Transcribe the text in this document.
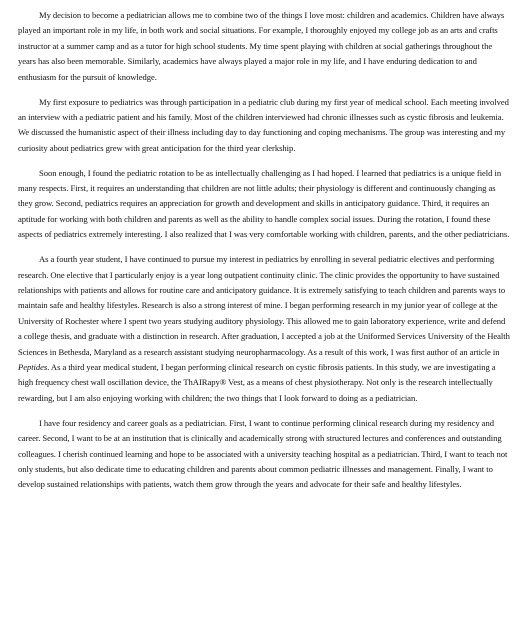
My decision to become a pediatrician allows me to combine two of the things I love most: children and academics. Children have always played an important role in my life, in both work and social situations. For example, I thoroughly enjoyed my college job as an arts and crafts instructor at a summer camp and as a tutor for high school students. My time spent playing with children at social gatherings throughout the years has also been memorable. Similarly, academics have always played a major role in my life, and I have enduring dedication to and enthusiasm for the pursuit of knowledge.

My first exposure to pediatrics was through participation in a pediatric club during my first year of medical school. Each meeting involved an interview with a pediatric patient and his family. Most of the children interviewed had chronic illnesses such as cystic fibrosis and leukemia. We discussed the humanistic aspect of their illness including day to day functioning and coping mechanisms. The group was interesting and my curiosity about pediatrics grew with great anticipation for the third year clerkship.

Soon enough, I found the pediatric rotation to be as intellectually challenging as I had hoped. I learned that pediatrics is a unique field in many respects. First, it requires an understanding that children are not little adults; their physiology is different and continuously changing as they grow. Second, pediatrics requires an appreciation for growth and development and skills in anticipatory guidance. Third, it requires an aptitude for working with both children and parents as well as the ability to handle complex social issues. During the rotation, I found these aspects of pediatrics extremely interesting. I also realized that I was very comfortable working with children, parents, and the other pediatricians.

As a fourth year student, I have continued to pursue my interest in pediatrics by enrolling in several pediatric electives and performing research. One elective that I particularly enjoy is a year long outpatient continuity clinic. The clinic provides the opportunity to have sustained relationships with patients and allows for routine care and anticipatory guidance. It is extremely satisfying to teach children and parents ways to maintain safe and healthy lifestyles. Research is also a strong interest of mine. I began performing research in my junior year of college at the University of Rochester where I spent two years studying auditory physiology. This allowed me to gain laboratory experience, write and defend a college thesis, and graduate with a distinction in research. After graduation, I accepted a job at the Uniformed Services University of the Health Sciences in Bethesda, Maryland as a research assistant studying neuropharmacology. As a result of this work, I was first author of an article in Peptides. As a third year medical student, I began performing clinical research on cystic fibrosis patients. In this study, we are investigating a high frequency chest wall oscillation device, the ThAIRapy® Vest, as a means of chest physiotherapy. Not only is the research intellectually rewarding, but I am also enjoying working with children; the two things that I look forward to doing as a pediatrician.

I have four residency and career goals as a pediatrician. First, I want to continue performing clinical research during my residency and career. Second, I want to be at an institution that is clinically and academically strong with structured lectures and conferences and outstanding colleagues. I cherish continued learning and hope to be associated with a university teaching hospital as a pediatrician. Third, I want to teach not only students, but also dedicate time to educating children and parents about common pediatric illnesses and management. Finally, I want to develop sustained relationships with patients, watch them grow through the years and advocate for their safe and healthy lifestyles.
